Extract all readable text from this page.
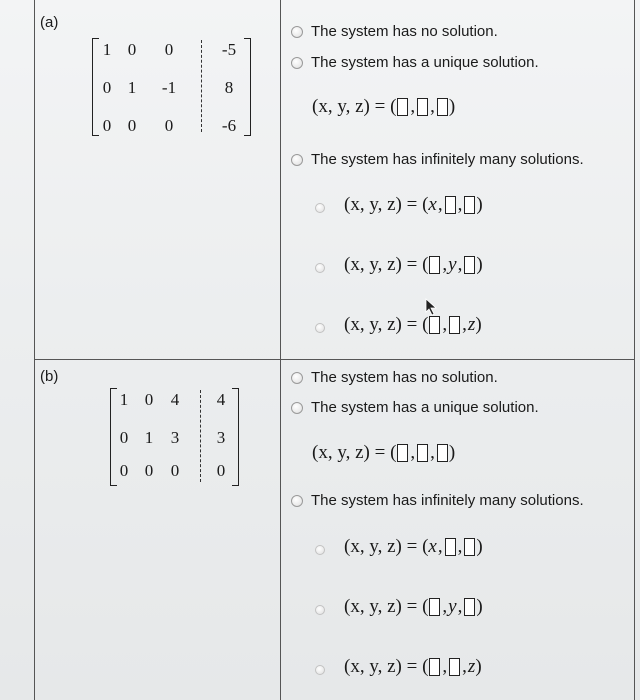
(a)
1 0	0	-5
0 1	-1	8
0 0	0	-6
The system has no solution.
The system has a unique solution.
(x, y, z) = ( , , )
The system has infinitely many solutions.
(x, y, z) = ( x , , )
(x, y, z) = ( , y , )
(x, y, z) = ( , , z )
(b)
1 0	4	4
0 1	3	3
0 0	0	0
The system has no solution.
The system has a unique solution.
(x, y, z) = ( , , )
The system has infinitely many solutions.
(x, y, z) = ( x , , )
(x, y, z) = ( , y , )
(x, y, z) = ( , , z )
